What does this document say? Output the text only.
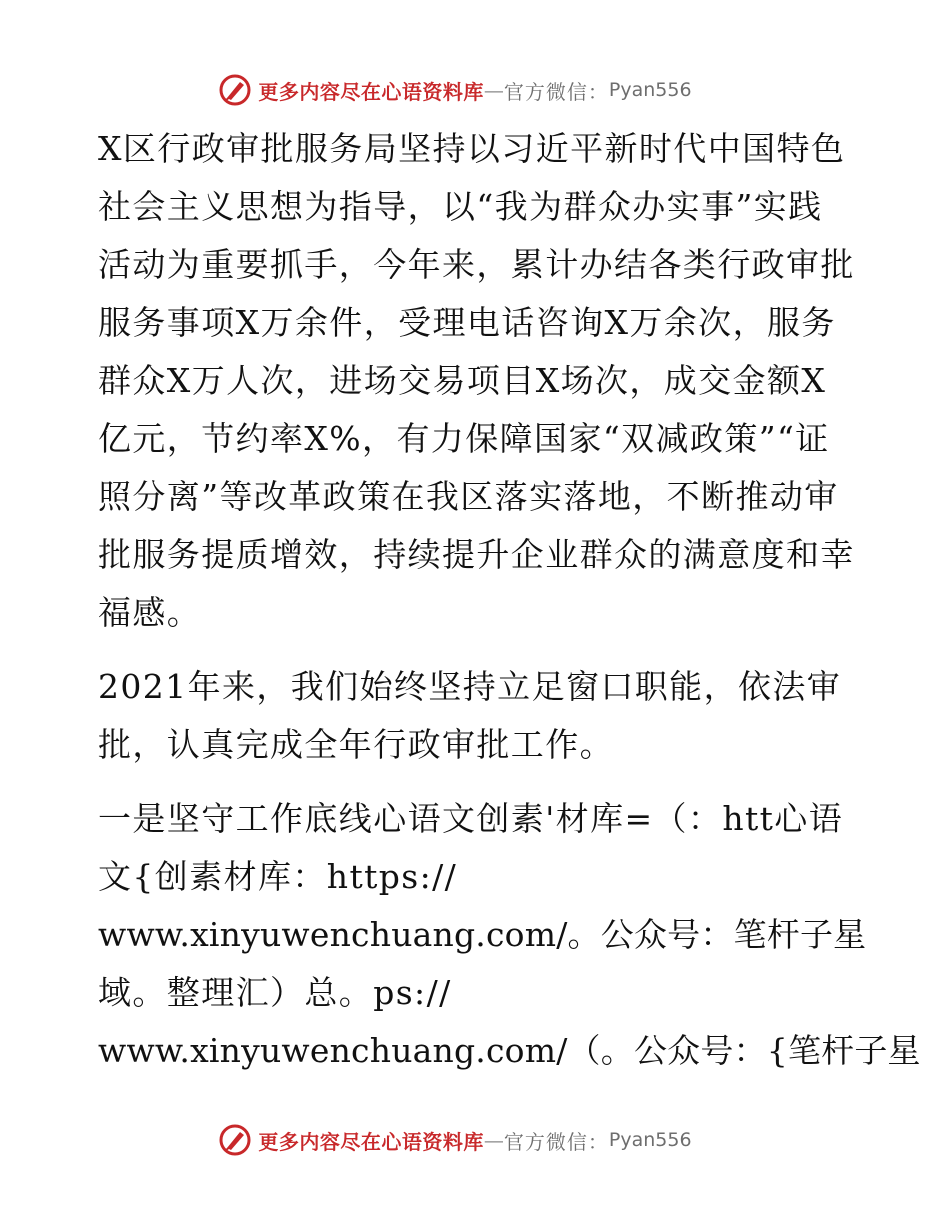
更多内容尽在心语资料库 — 官方微信： Pyan556
X区行政审批服务局坚持以习近平新时代中国特色
社会主义思想为指导，以“我为群众办实事”实践
活动为重要抓手，今年来，累计办结各类行政审批
服务事项X万余件，受理电话咨询X万余次，服务
群众X万人次，进场交易项目X场次，成交金额X
亿元，节约率X%，有力保障国家“双减政策”“证
照分离”等改革政策在我区落实落地，不断推动审
批服务提质增效，持续提升企业群众的满意度和幸
福感。
2021年来，我们始终坚持立足窗口职能，依法审
批，认真完成全年行政审批工作。
一是坚守工作底线心语文创素'材库=（：htt心语
文{创素材库：https://
www.xinyuwenchuang.com/。公众号：笔杆子星
域。整理汇）总。ps://
www.xinyuwenchuang.com/（。公众号：{笔杆子星
更多内容尽在心语资料库 — 官方微信： Pyan556
